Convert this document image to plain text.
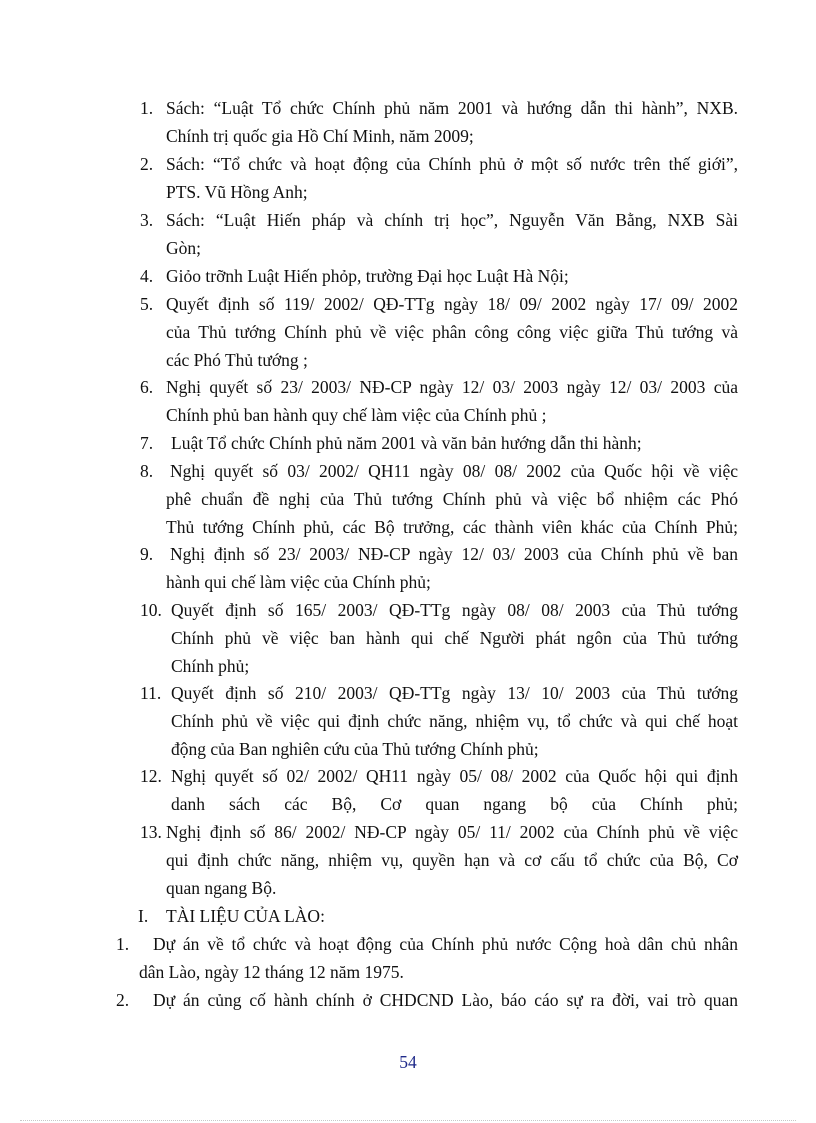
1. Sách: “Luật Tổ chức Chính phủ năm 2001 và hướng dẫn thi hành”, NXB.
Chính trị quốc gia Hồ Chí Minh, năm 2009;
2. Sách: “Tổ chức và hoạt động của Chính phủ ở một số nước trên thế giới”,
PTS. Vũ Hồng Anh;
3. Sách: “Luật Hiến pháp và chính trị học”, Nguyễn Văn Bằng, NXB Sài
Gòn;
4. Giỏo trỡnh Luật Hiến phỏp, trường Đại học Luật Hà Nội;
5. Quyết định số 119/ 2002/ QĐ-TTg ngày 18/ 09/ 2002 ngày 17/ 09/ 2002
của Thủ tướng Chính phủ về việc phân công công việc giữa Thủ tướng và
các Phó Thủ tướng ;
6. Nghị quyết số 23/ 2003/ NĐ-CP ngày 12/ 03/ 2003 ngày 12/ 03/ 2003 của
Chính phủ ban hành quy chế làm việc của Chính phủ ;
7. Luật Tổ chức Chính phủ năm 2001 và văn bản hướng dẫn thi hành;
8. Nghị quyết số 03/ 2002/ QH11 ngày 08/ 08/ 2002 của Quốc hội về việc
phê chuẩn đề nghị của Thủ tướng Chính phủ và việc bổ nhiệm các Phó
Thủ tướng Chính phủ, các Bộ trưởng, các thành viên khác của Chính Phủ;
9. Nghị định số 23/ 2003/ NĐ-CP ngày 12/ 03/ 2003 của Chính phủ về ban
hành qui chế làm việc của Chính phủ;
10. Quyết định số 165/ 2003/ QĐ-TTg ngày 08/ 08/ 2003 của Thủ tướng
Chính phủ về việc ban hành qui chế Người phát ngôn của Thủ tướng
Chính phủ;
11. Quyết định số 210/ 2003/ QĐ-TTg ngày 13/ 10/ 2003 của Thủ tướng
Chính phủ về việc qui định chức năng, nhiệm vụ, tổ chức và qui chế hoạt
động của Ban nghiên cứu của Thủ tướng Chính phủ;
12. Nghị quyết số 02/ 2002/ QH11 ngày 05/ 08/ 2002 của Quốc hội qui định
danh sách các Bộ, Cơ quan ngang bộ của Chính phủ;
13. Nghị định số 86/ 2002/ NĐ-CP ngày 05/ 11/ 2002 của Chính phủ về việc
qui định chức năng, nhiệm vụ, quyền hạn và cơ cấu tổ chức của Bộ, Cơ
quan ngang Bộ.
I. TÀI LIỆU CỦA LÀO:
1. Dự án về tổ chức và hoạt động của Chính phủ nước Cộng hoà dân chủ nhân
dân Lào, ngày 12 tháng 12 năm 1975.
2. Dự án củng cố hành chính ở CHDCND Lào, báo cáo sự ra đời, vai trò quan
54
